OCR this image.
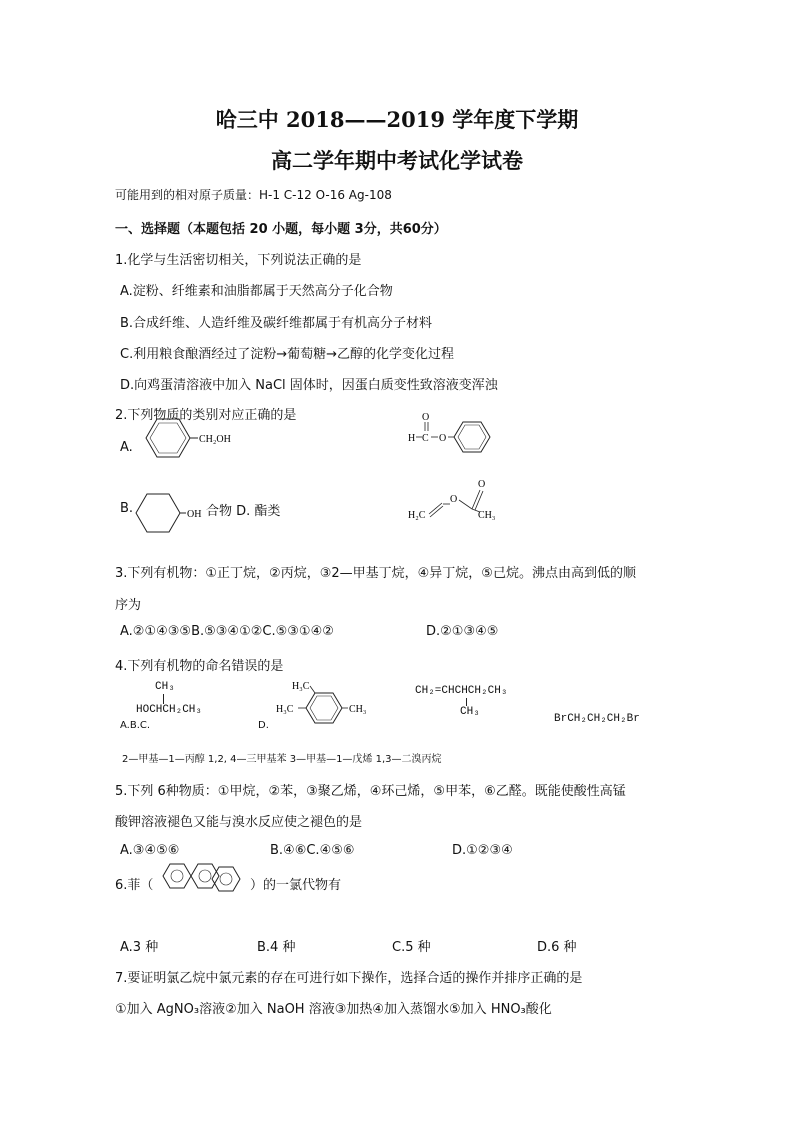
哈三中 2018——2019 学年度下学期
高二学年期中考试化学试卷
可能用到的相对原子质量：H-1 C-12 O-16 Ag-108
一、选择题（本题包括 20 小题，每小题 3分，共60分）
1.化学与生活密切相关，下列说法正确的是
A.淀粉、纤维素和油脂都属于天然高分子化合物
B.合成纤维、人造纤维及碳纤维都属于有机高分子材料
C.利用粮食酿酒经过了淀粉→葡萄糖→乙醇的化学变化过程
D.向鸡蛋清溶液中加入 NaCl 固体时，因蛋白质变性致溶液变浑浊
2.下列物质的类别对应正确的是
A.
CH₂OH
O
H C O
B.	OH 合物 D. 酯类	H₂C
O
O
CH₃
3.下列有机物：①正丁烷，②丙烷，③2—甲基丁烷，④异丁烷，⑤己烷。沸点由高到低的顺
序为
A.②①④③⑤B.⑤③④①②C.⑤③①④②	D.②①③④⑤
4.下列有机物的命名错误的是
CH₃
HOCHCH₂CH₃
A.B.C.	D.
H₃C
H₃C	CH₃
CH₂=CHCHCH₂CH₃
CH₃
BrCH₂CH₂CH₂Br
2—甲基—1—丙醇 1,2, 4—三甲基苯 3—甲基—1—戊烯 1,3—二溴丙烷
5.下列 6种物质：①甲烷，②苯，③聚乙烯，④环己烯，⑤甲苯，⑥乙醛。既能使酸性高锰
酸钾溶液褪色又能与溴水反应使之褪色的是
A.③④⑤⑥	B.④⑥C.④⑤⑥	D.①②③④
6.菲（	）的一氯代物有
A.3 种	B.4 种	C.5 种	D.6 种
7.要证明氯乙烷中氯元素的存在可进行如下操作，选择合适的操作并排序正确的是
①加入 AgNO₃溶液②加入 NaOH 溶液③加热④加入蒸馏水⑤加入 HNO₃酸化
